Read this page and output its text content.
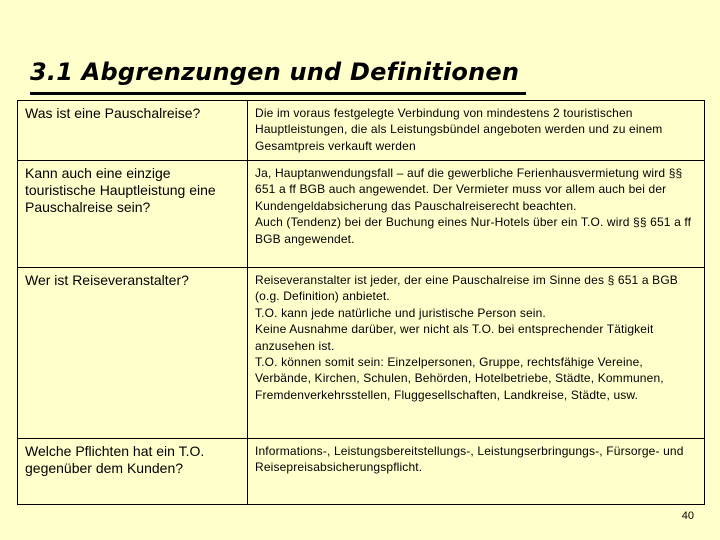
3.1 Abgrenzungen und Definitionen
Was ist eine Pauschalreise?	Die im voraus festgelegte Verbindung von mindestens 2 touristischen Hauptleistungen, die als Leistungsbündel angeboten werden und zu einem Gesamtpreis verkauft werden

Kann auch eine einzige touristische Hauptleistung eine Pauschalreise sein?	Ja, Hauptanwendungsfall – auf die gewerbliche Ferienhausvermietung wird §§ 651 a ff BGB auch angewendet. Der Vermieter muss vor allem auch bei der Kundengeldabsicherung das Pauschalreiserecht beachten.

Auch (Tendenz) bei der Buchung eines Nur-Hotels über ein T.O. wird §§ 651 a ff BGB angewendet.

Wer ist Reiseveranstalter?	Reiseveranstalter ist jeder, der eine Pauschalreise im Sinne des § 651 a BGB (o.g. Definition) anbietet.

T.O. kann jede natürliche und juristische Person sein.

Keine Ausnahme darüber, wer nicht als T.O. bei entsprechender Tätigkeit anzusehen ist.

T.O. können somit sein: Einzelpersonen, Gruppe, rechtsfähige Vereine, Verbände, Kirchen, Schulen, Behörden, Hotelbetriebe, Städte, Kommunen, Fremdenverkehrsstellen, Fluggesellschaften, Landkreise, Städte, usw.

Welche Pflichten hat ein T.O. gegenüber dem Kunden?	Informations-, Leistungsbereitstellungs-, Leistungserbringungs-, Fürsorge- und Reisepreisabsicherungspflicht.

40
